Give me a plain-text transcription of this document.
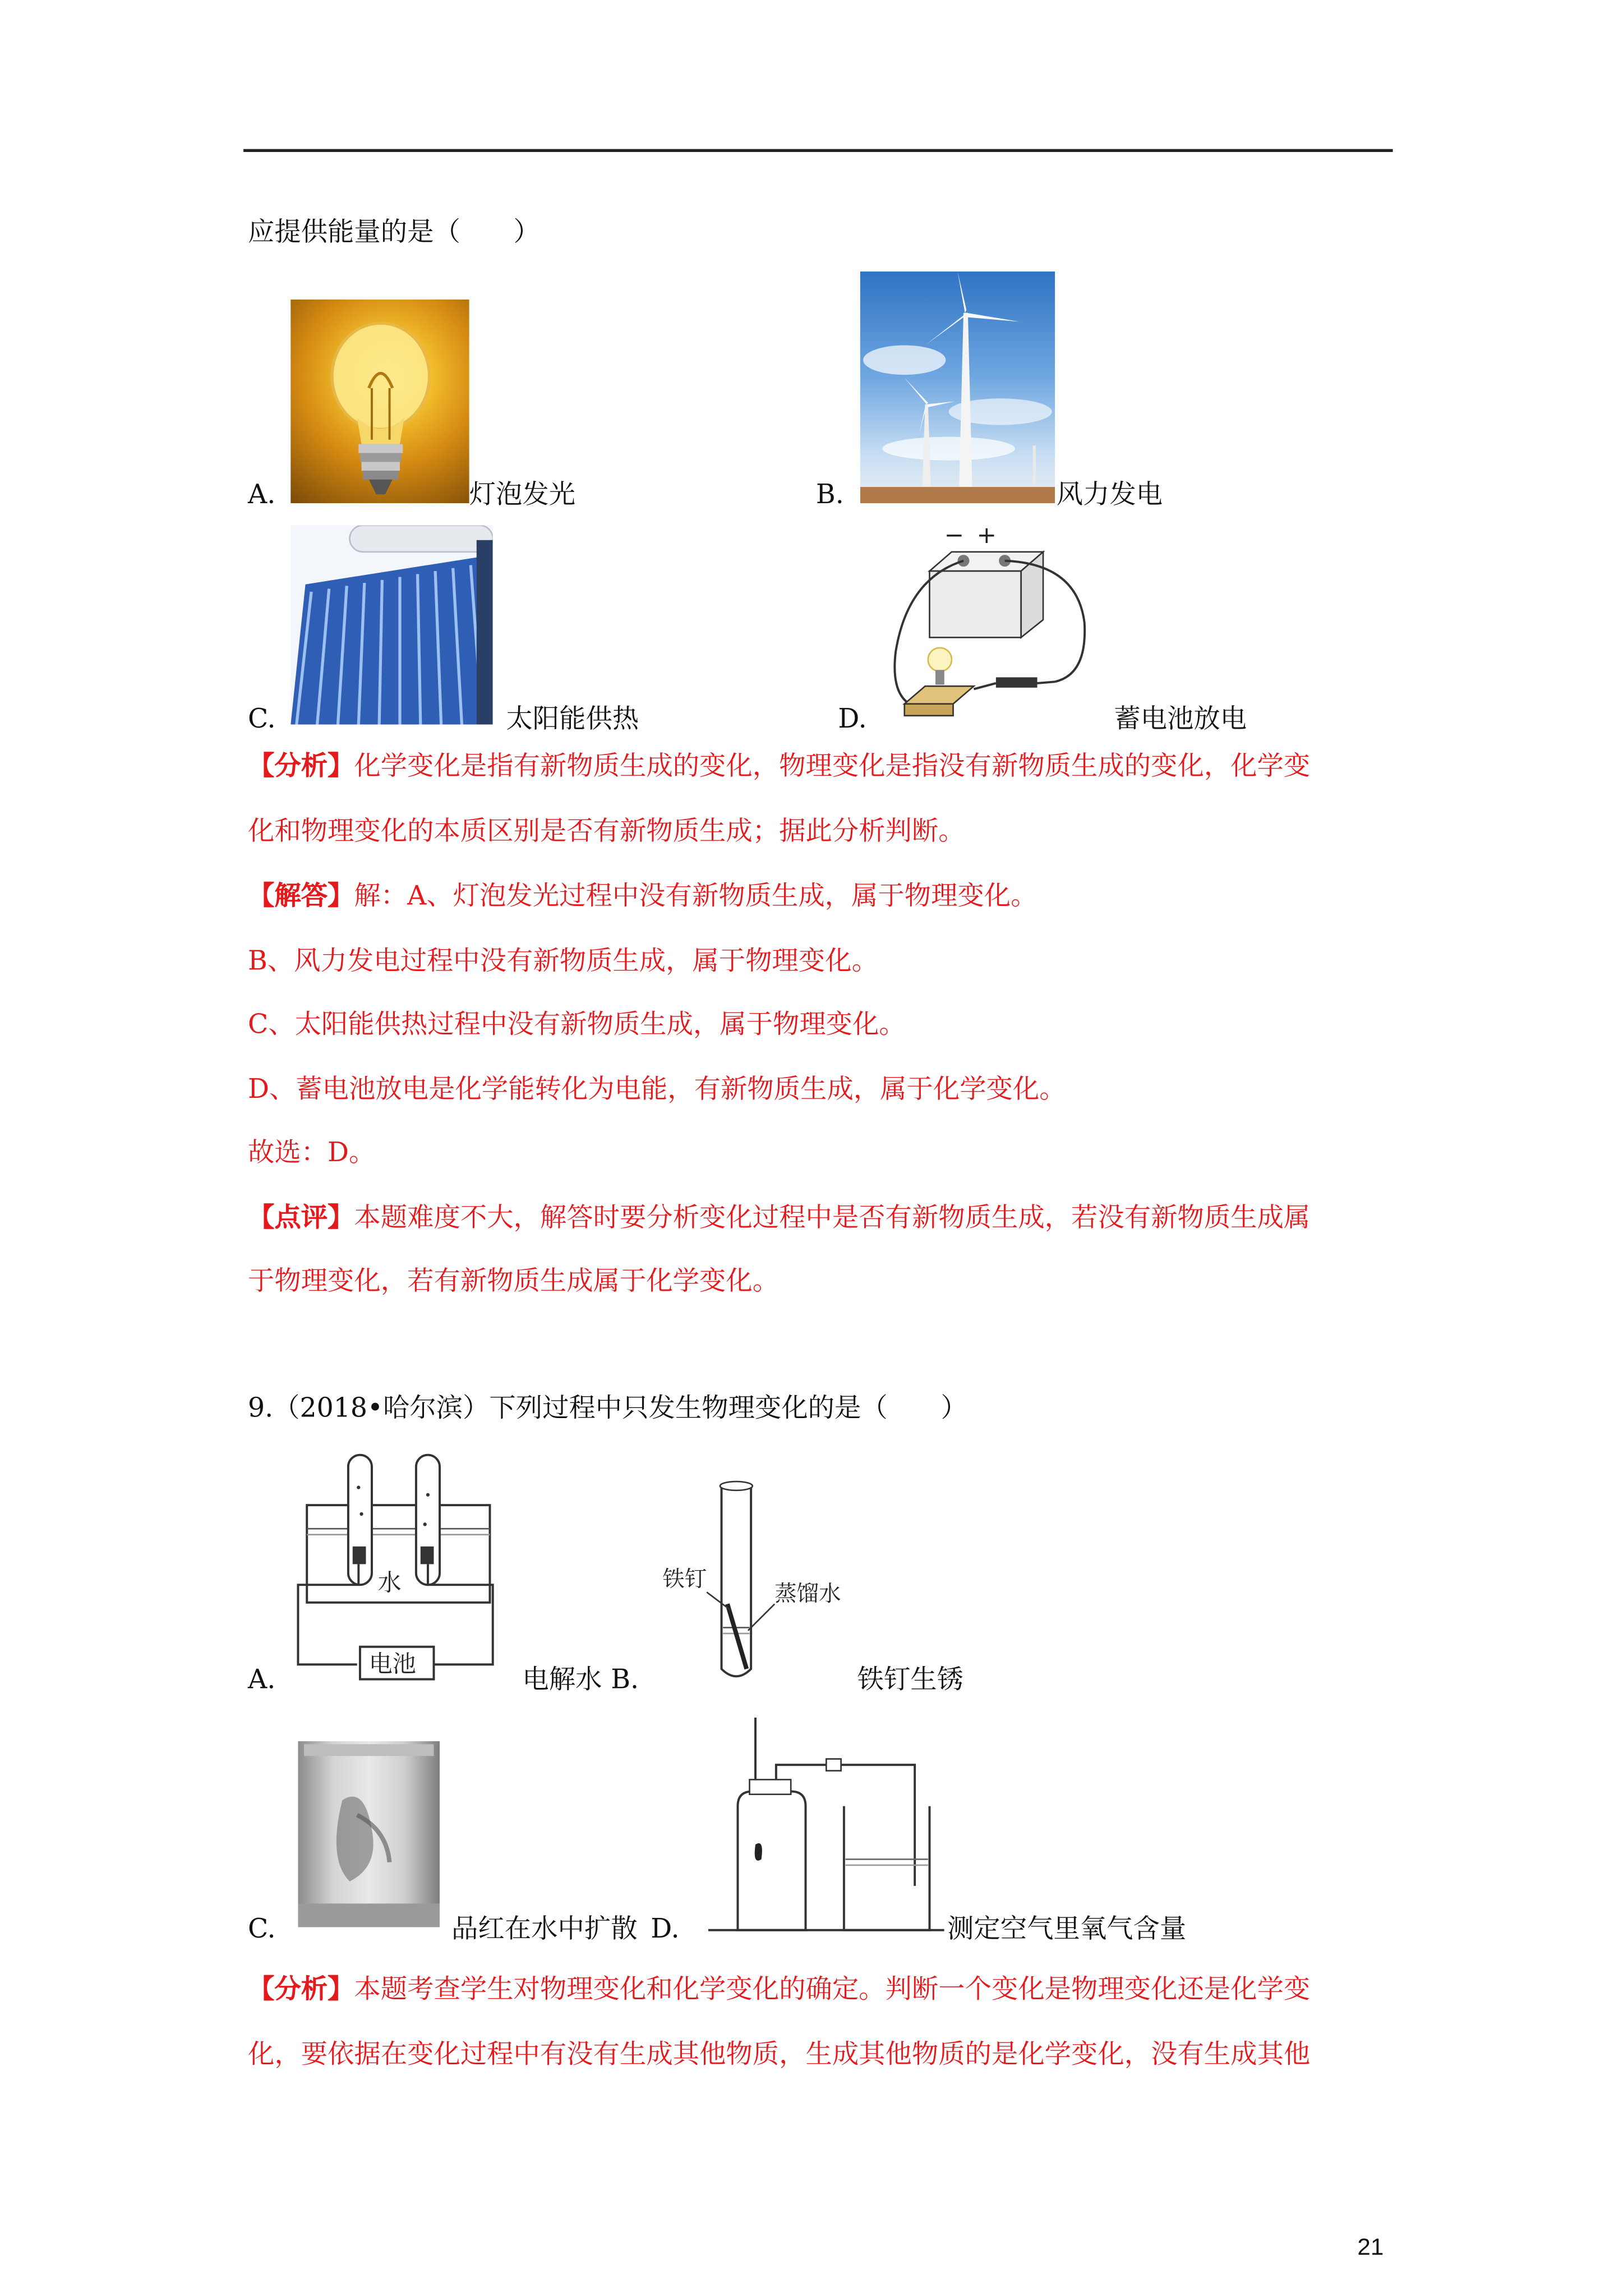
应提供能量的是（　　）
A.	灯泡发光	B.	风力发电
C.	太阳能供热	D.
− +
蓄电池放电
【分析】化学变化是指有新物质生成的变化，物理变化是指没有新物质生成的变化，化学变
化和物理变化的本质区别是否有新物质生成；据此分析判断。
【解答】解：A、灯泡发光过程中没有新物质生成，属于物理变化。
B、风力发电过程中没有新物质生成，属于物理变化。
C、太阳能供热过程中没有新物质生成，属于物理变化。
D、蓄电池放电是化学能转化为电能，有新物质生成，属于化学变化。
故选：D。
【点评】本题难度不大，解答时要分析变化过程中是否有新物质生成，若没有新物质生成属
于物理变化，若有新物质生成属于化学变化。
9.（2018•哈尔滨）下列过程中只发生物理变化的是（　　）
A.
水
电池
电解水 B.
铁钉
蒸馏水
铁钉生锈
C.	品红在水中扩散 D.	测定空气里氧气含量
【分析】本题考查学生对物理变化和化学变化的确定。判断一个变化是物理变化还是化学变
化，要依据在变化过程中有没有生成其他物质，生成其他物质的是化学变化，没有生成其他
21
